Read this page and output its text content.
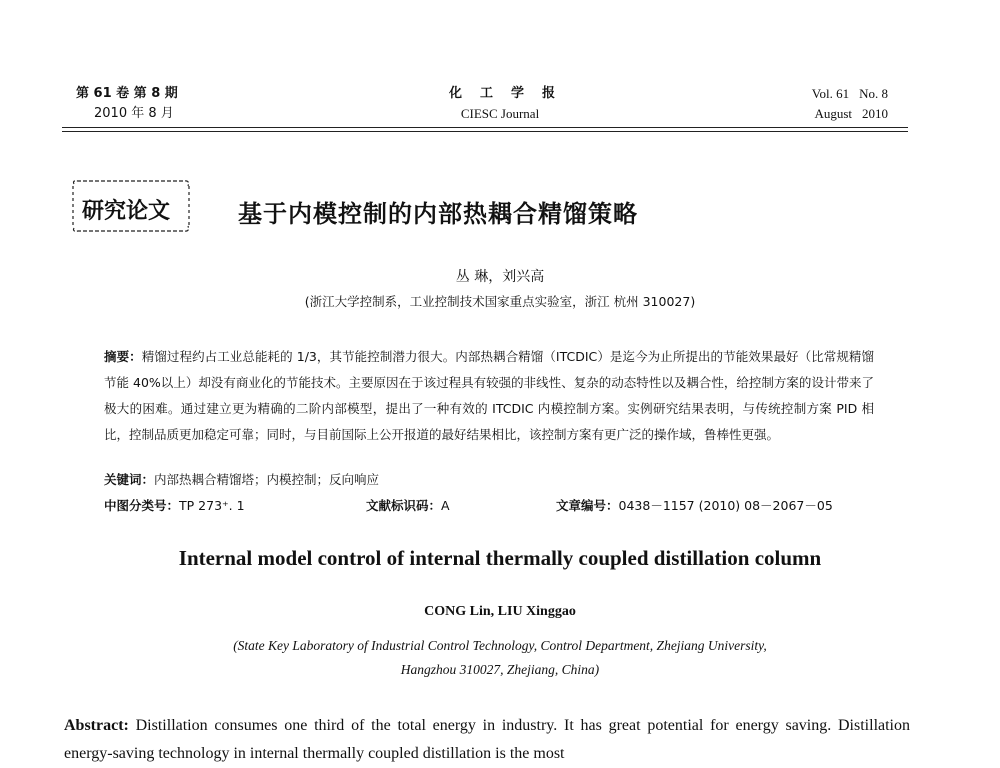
第 61 卷 第 8 期
2010 年 8 月
化工学报
CIESC Journal
Vol. 61 No. 8
August 2010
研究论文	基于内模控制的内部热耦合精馏策略
丛 琳，刘兴高
(浙江大学控制系，工业控制技术国家重点实验室，浙江 杭州 310027)
摘要：精馏过程约占工业总能耗的 1/3，其节能控制潜力很大。内部热耦合精馏（ITCDIC）是迄今为止所提出的节能效果最好（比常规精馏节能 40%以上）却没有商业化的节能技术。主要原因在于该过程具有较强的非线性、复杂的动态特性以及耦合性，给控制方案的设计带来了极大的困难。通过建立更为精确的二阶内部模型，提出了一种有效的 ITCDIC 内模控制方案。实例研究结果表明，与传统控制方案 PID 相比，控制品质更加稳定可靠；同时，与目前国际上公开报道的最好结果相比，该控制方案有更广泛的操作域，鲁棒性更强。
关键词：内部热耦合精馏塔；内模控制；反向响应
中图分类号：TP 273⁺. 1	文献标识码：A	文章编号：0438－1157 (2010) 08－2067－05
Internal model control of internal thermally coupled distillation column
CONG Lin, LIU Xinggao
(State Key Laboratory of Industrial Control Technology, Control Department, Zhejiang University,
Hangzhou 310027, Zhejiang, China)
Abstract: Distillation consumes one third of the total energy in industry. It has great potential for energy saving. Distillation energy-saving technology in internal thermally coupled distillation is the most
